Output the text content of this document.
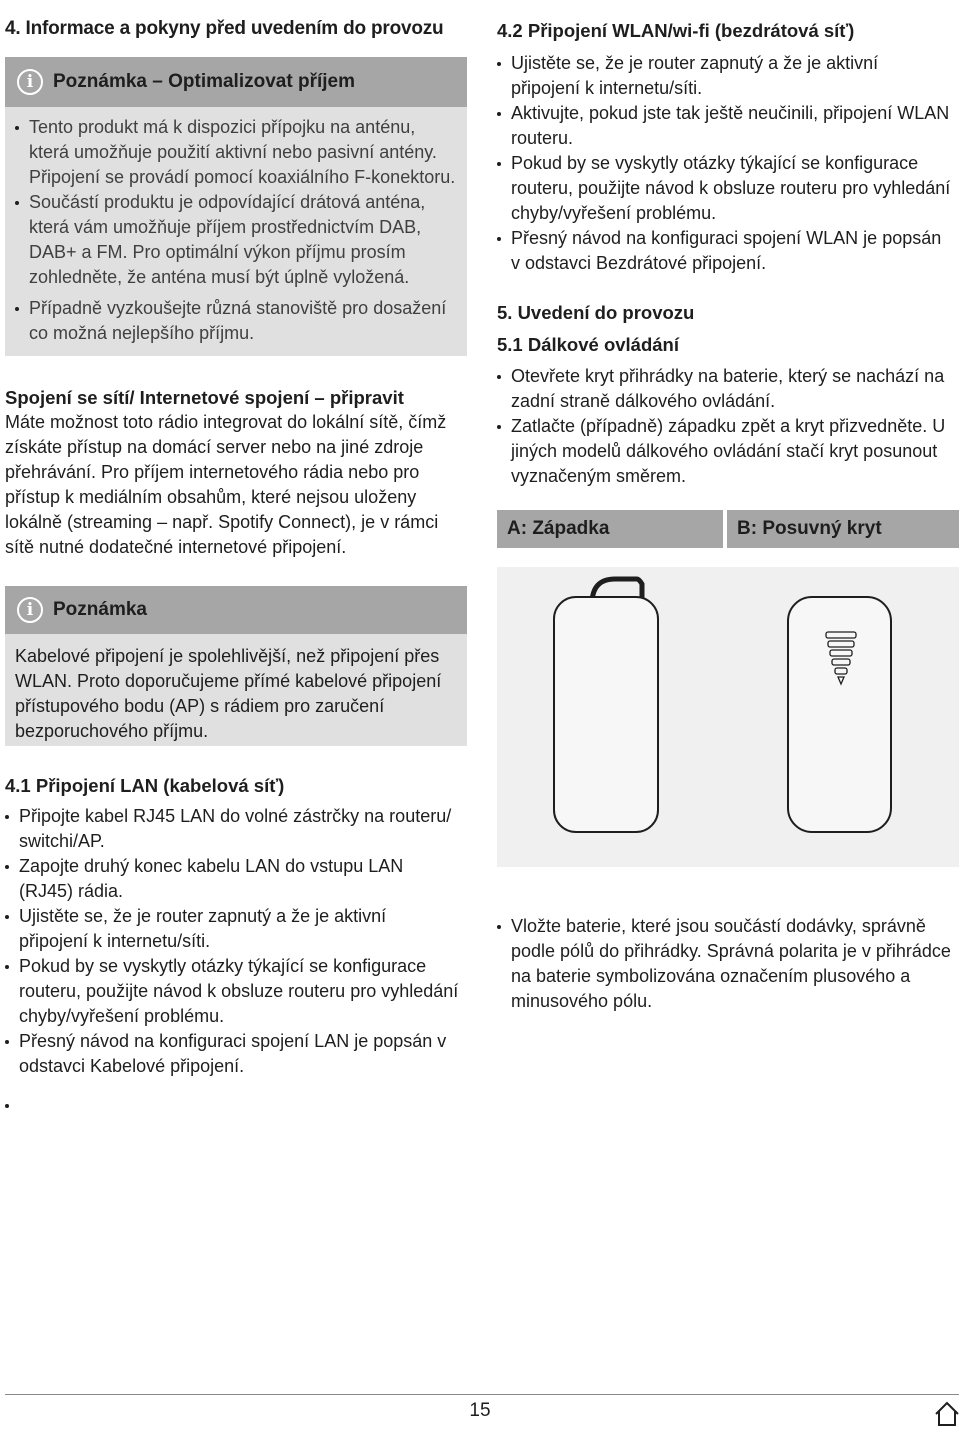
4. Informace a pokyny před uvedením do provozu
i	Poznámka – Optimalizovat příjem
Tento produkt má k dispozici přípojku na anténu, která umožňuje použití aktivní nebo pasivní antény. Připojení se provádí pomocí koaxiálního F-konektoru.
Součástí produktu je odpovídající drátová anténa, která vám umožňuje příjem prostřednictvím DAB, DAB+ a FM. Pro optimální výkon příjmu prosím zohledněte, že anténa musí být úplně vyložená.
Případně vyzkoušejte různá stanoviště pro dosažení co možná nejlepšího příjmu.
Spojení se sítí/ Internetové spojení – připravit
Máte možnost toto rádio integrovat do lokální sítě, čímž získáte přístup na domácí server nebo na jiné zdroje přehrávání. Pro příjem internetového rádia nebo pro přístup k mediálním obsahům, které nejsou uloženy lokálně (streaming – např. Spotify Connect), je v rámci sítě nutné dodatečné internetové připojení.
i	Poznámka
Kabelové připojení je spolehlivější, než připojení přes WLAN. Proto doporučujeme přímé kabelové připojení přístupového bodu (AP) s rádiem pro zaručení bezporuchového příjmu.
4.1 Připojení LAN (kabelová síť)
Připojte kabel RJ45 LAN do volné zástrčky na routeru/ switchi/AP.
Zapojte druhý konec kabelu LAN do vstupu LAN (RJ45) rádia.
Ujistěte se, že je router zapnutý a že je aktivní připojení k internetu/síti.
Pokud by se vyskytly otázky týkající se konfigurace routeru, použijte návod k obsluze routeru pro vyhledání chyby/vyřešení problému.
Přesný návod na konfiguraci spojení LAN je popsán v odstavci Kabelové připojení.
4.2 Připojení WLAN/wi-fi (bezdrátová síť)
Ujistěte se, že je router zapnutý a že je aktivní připojení k internetu/síti.
Aktivujte, pokud jste tak ještě neučinili, připojení WLAN routeru.
Pokud by se vyskytly otázky týkající se konfigurace routeru, použijte návod k obsluze routeru pro vyhledání chyby/vyřešení problému.
Přesný návod na konfiguraci spojení WLAN je popsán v odstavci Bezdrátové připojení.
5. Uvedení do provozu
5.1 Dálkové ovládání
Otevřete kryt přihrádky na baterie, který se nachází na zadní straně dálkového ovládání.
Zatlačte (případně) západku zpět a kryt přizvedněte. U jiných modelů dálkového ovládání stačí kryt posunout vyznačeným směrem.
A: Západka	B: Posuvný kryt
Vložte baterie, které jsou součástí dodávky, správně podle pólů do přihrádky. Správná polarita je v přihrádce na baterie symbolizována označením plusového a minusového pólu.
15
